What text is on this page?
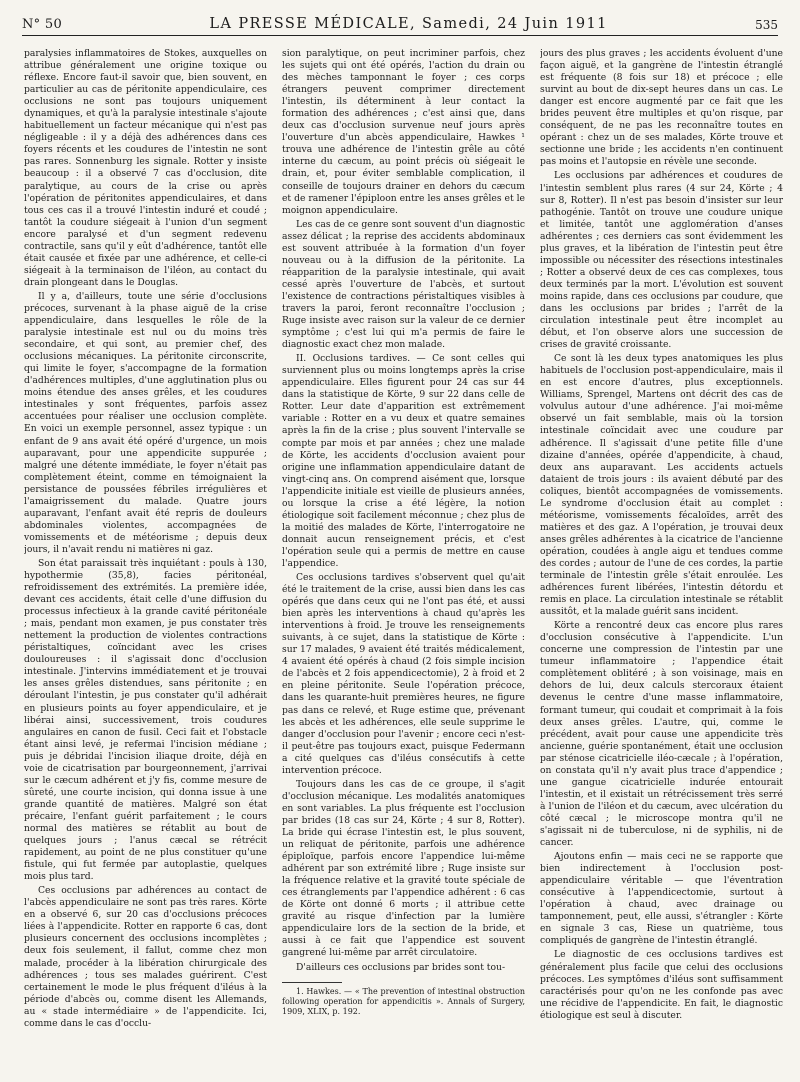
N° 50	LA PRESSE MÉDICALE, Samedi, 24 Juin 1911	535

paralysies inflammatoires de Stokes, auxquelles on attribue généralement une origine toxique ou réflexe. Encore faut-il savoir que, bien souvent, en particulier au cas de péritonite appendiculaire, ces occlusions ne sont pas toujours uniquement dynamiques, et qu'à la paralysie intestinale s'ajoute habituellement un facteur mécanique qui n'est pas négligeable : il y a déjà des adhérences dans ces foyers récents et les coudures de l'intestin ne sont pas rares. Sonnenburg les signale. Rotter y insiste beaucoup : il a observé 7 cas d'occlusion, dite paralytique, au cours de la crise ou après l'opération de péritonites appendiculaires, et dans tous ces cas il a trouvé l'intestin induré et coudé ; tantôt la coudure siégeait à l'union d'un segment encore paralysé et d'un segment redevenu contractile, sans qu'il y eût d'adhérence, tantôt elle était causée et fixée par une adhérence, et celle-ci siégeait à la terminaison de l'iléon, au contact du drain plongeant dans le Douglas.

Il y a, d'ailleurs, toute une série d'occlusions précoces, survenant à la phase aiguë de la crise appendiculaire, dans lesquelles le rôle de la paralysie intestinale est nul ou du moins très secondaire, et qui sont, au premier chef, des occlusions mécaniques. La péritonite circonscrite, qui limite le foyer, s'accompagne de la formation d'adhérences multiples, d'une agglutination plus ou moins étendue des anses grêles, et les coudures intestinales y sont fréquentes, parfois assez accentuées pour réaliser une occlusion complète. En voici un exemple personnel, assez typique : un enfant de 9 ans avait été opéré d'urgence, un mois auparavant, pour une appendicite suppurée ; malgré une détente immédiate, le foyer n'était pas complètement éteint, comme en témoignaient la persistance de poussées fébriles irrégulières et l'amaigrissement du malade. Quatre jours auparavant, l'enfant avait été repris de douleurs abdominales violentes, accompagnées de vomissements et de météorisme ; depuis deux jours, il n'avait rendu ni matières ni gaz.

Son état paraissait très inquiétant : pouls à 130, hypothermie (35,8), facies péritonéal, refroidissement des extrémités. La première idée, devant ces accidents, était celle d'une diffusion du processus infectieux à la grande cavité péritonéale ; mais, pendant mon examen, je pus constater très nettement la production de violentes contractions péristaltiques, coïncidant avec les crises douloureuses : il s'agissait donc d'occlusion intestinale. J'intervins immédiatement et je trouvai les anses grêles distendues, sans péritonite ; en déroulant l'intestin, je pus constater qu'il adhérait en plusieurs points au foyer appendiculaire, et je libérai ainsi, successivement, trois coudures angulaires en canon de fusil. Ceci fait et l'obstacle étant ainsi levé, je refermai l'incision médiane ; puis je débridai l'incision iliaque droite, déjà en voie de cicatrisation par bourgeonnement, j'arrivai sur le cæcum adhérent et j'y fis, comme mesure de sûreté, une courte incision, qui donna issue à une grande quantité de matières. Malgré son état précaire, l'enfant guérit parfaitement ; le cours normal des matières se rétablit au bout de quelques jours ; l'anus cæcal se rétrécit rapidement, au point de ne plus constituer qu'une fistule, qui fut fermée par autoplastie, quelques mois plus tard.

Ces occlusions par adhérences au contact de l'abcès appendiculaire ne sont pas très rares. Körte en a observé 6, sur 20 cas d'occlusions précoces liées à l'appendicite. Rotter en rapporte 6 cas, dont plusieurs concernent des occlusions incomplètes ; deux fois seulement, il fallut, comme chez mon malade, procéder à la libération chirurgicale des adhérences ; tous ses malades guérirent. C'est certainement le mode le plus fréquent d'iléus à la période d'abcès ou, comme disent les Allemands, au « stade intermédiaire » de l'appendicite. Ici, comme dans le cas d'occlu-

sion paralytique, on peut incriminer parfois, chez les sujets qui ont été opérés, l'action du drain ou des mèches tamponnant le foyer ; ces corps étrangers peuvent comprimer directement l'intestin, ils déterminent à leur contact la formation des adhérences ; c'est ainsi que, dans deux cas d'occlusion survenue neuf jours après l'ouverture d'un abcès appendiculaire, Hawkes ¹ trouva une adhérence de l'intestin grêle au côté interne du cæcum, au point précis où siégeait le drain, et, pour éviter semblable complication, il conseille de toujours drainer en dehors du cæcum et de ramener l'épiploon entre les anses grêles et le moignon appendiculaire.

Les cas de ce genre sont souvent d'un diagnostic assez délicat ; la reprise des accidents abdominaux est souvent attribuée à la formation d'un foyer nouveau ou à la diffusion de la péritonite. La réapparition de la paralysie intestinale, qui avait cessé après l'ouverture de l'abcès, et surtout l'existence de contractions péristaltiques visibles à travers la paroi, feront reconnaître l'occlusion ; Ruge insiste avec raison sur la valeur de ce dernier symptôme ; c'est lui qui m'a permis de faire le diagnostic exact chez mon malade.

II. Occlusions tardives. — Ce sont celles qui surviennent plus ou moins longtemps après la crise appendiculaire. Elles figurent pour 24 cas sur 44 dans la statistique de Körte, 9 sur 22 dans celle de Rotter. Leur date d'apparition est extrêmement variable : Rotter en a vu deux et quatre semaines après la fin de la crise ; plus souvent l'intervalle se compte par mois et par années ; chez une malade de Körte, les accidents d'occlusion avaient pour origine une inflammation appendiculaire datant de vingt-cinq ans. On comprend aisément que, lorsque l'appendicite initiale est vieille de plusieurs années, ou lorsque la crise a été légère, la notion étiologique soit facilement méconnue ; chez plus de la moitié des malades de Körte, l'interrogatoire ne donnait aucun renseignement précis, et c'est l'opération seule qui a permis de mettre en cause l'appendice.

Ces occlusions tardives s'observent quel qu'ait été le traitement de la crise, aussi bien dans les cas opérés que dans ceux qui ne l'ont pas été, et aussi bien après les interventions à chaud qu'après les interventions à froid. Je trouve les renseignements suivants, à ce sujet, dans la statistique de Körte : sur 17 malades, 9 avaient été traités médicalement, 4 avaient été opérés à chaud (2 fois simple incision de l'abcès et 2 fois appendicectomie), 2 à froid et 2 en pleine péritonite. Seule l'opération précoce, dans les quarante-huit premières heures, ne figure pas dans ce relevé, et Ruge estime que, prévenant les abcès et les adhérences, elle seule supprime le danger d'occlusion pour l'avenir ; encore ceci n'est-il peut-être pas toujours exact, puisque Federmann a cité quelques cas d'iléus consécutifs à cette intervention précoce.

Toujours dans les cas de ce groupe, il s'agit d'occlusion mécanique. Les modalités anatomiques en sont variables. La plus fréquente est l'occlusion par brides (18 cas sur 24, Körte ; 4 sur 8, Rotter). La bride qui écrase l'intestin est, le plus souvent, un reliquat de péritonite, parfois une adhérence épiploïque, parfois encore l'appendice lui-même adhérent par son extrémité libre ; Ruge insiste sur la fréquence relative et la gravité toute spéciale de ces étranglements par l'appendice adhérent : 6 cas de Körte ont donné 6 morts ; il attribue cette gravité au risque d'infection par la lumière appendiculaire lors de la section de la bride, et aussi à ce fait que l'appendice est souvent gangrené lui-même par arrêt circulatoire.

D'ailleurs ces occlusions par brides sont tou-

1. Hawkes. — « The prevention of intestinal obstruction following operation for appendicitis ». Annals of Surgery, 1909, XLIX, p. 192.

jours des plus graves ; les accidents évoluent d'une façon aiguë, et la gangrène de l'intestin étranglé est fréquente (8 fois sur 18) et précoce ; elle survint au bout de dix-sept heures dans un cas. Le danger est encore augmenté par ce fait que les brides peuvent être multiples et qu'on risque, par conséquent, de ne pas les reconnaître toutes en opérant : chez un de ses malades, Körte trouve et sectionne une bride ; les accidents n'en continuent pas moins et l'autopsie en révèle une seconde.

Les occlusions par adhérences et coudures de l'intestin semblent plus rares (4 sur 24, Körte ; 4 sur 8, Rotter). Il n'est pas besoin d'insister sur leur pathogénie. Tantôt on trouve une coudure unique et limitée, tantôt une agglomération d'anses adhérentes ; ces derniers cas sont évidemment les plus graves, et la libération de l'intestin peut être impossible ou nécessiter des résections intestinales ; Rotter a observé deux de ces cas complexes, tous deux terminés par la mort. L'évolution est souvent moins rapide, dans ces occlusions par coudure, que dans les occlusions par brides ; l'arrêt de la circulation intestinale peut être incomplet au début, et l'on observe alors une succession de crises de gravité croissante.

Ce sont là les deux types anatomiques les plus habituels de l'occlusion post-appendiculaire, mais il en est encore d'autres, plus exceptionnels. Williams, Sprengel, Martens ont décrit des cas de volvulus autour d'une adhérence. J'ai moi-même observé un fait semblable, mais où la torsion intestinale coïncidait avec une coudure par adhérence. Il s'agissait d'une petite fille d'une dizaine d'années, opérée d'appendicite, à chaud, deux ans auparavant. Les accidents actuels dataient de trois jours : ils avaient débuté par des coliques, bientôt accompagnées de vomissements. Le syndrome d'occlusion était au complet : météorisme, vomissements fécaloïdes, arrêt des matières et des gaz. A l'opération, je trouvai deux anses grêles adhérentes à la cicatrice de l'ancienne opération, coudées à angle aigu et tendues comme des cordes ; autour de l'une de ces cordes, la partie terminale de l'intestin grêle s'était enroulée. Les adhérences furent libérées, l'intestin détordu et remis en place. La circulation intestinale se rétablit aussitôt, et la malade guérit sans incident.

Körte a rencontré deux cas encore plus rares d'occlusion consécutive à l'appendicite. L'un concerne une compression de l'intestin par une tumeur inflammatoire ; l'appendice était complètement oblitéré ; à son voisinage, mais en dehors de lui, deux calculs stercoraux étaient devenus le centre d'une masse inflammatoire, formant tumeur, qui coudait et comprimait à la fois deux anses grêles. L'autre, qui, comme le précédent, avait pour cause une appendicite très ancienne, guérie spontanément, était une occlusion par sténose cicatricielle iléo-cæcale ; à l'opération, on constata qu'il n'y avait plus trace d'appendice ; une gangue cicatricielle indurée entourait l'intestin, et il existait un rétrécissement très serré à l'union de l'iléon et du cæcum, avec ulcération du côté cæcal ; le microscope montra qu'il ne s'agissait ni de tuberculose, ni de syphilis, ni de cancer.

Ajoutons enfin — mais ceci ne se rapporte que bien indirectement à l'occlusion post-appendiculaire véritable — que l'éventration consécutive à l'appendicectomie, surtout à l'opération à chaud, avec drainage ou tamponnement, peut, elle aussi, s'étrangler : Körte en signale 3 cas, Riese un quatrième, tous compliqués de gangrène de l'intestin étranglé.

Le diagnostic de ces occlusions tardives est généralement plus facile que celui des occlusions précoces. Les symptômes d'iléus sont suffisamment caractérisés pour qu'on ne les confonde pas avec une récidive de l'appendicite. En fait, le diagnostic étiologique est seul à discuter.
